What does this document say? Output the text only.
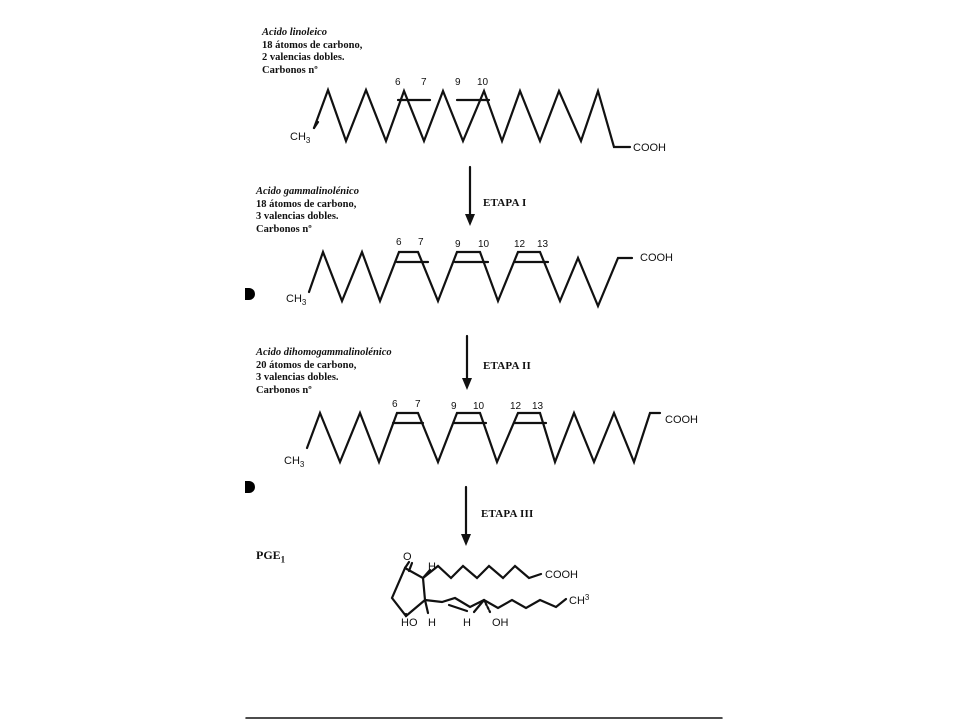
Acido linoleico
18 átomos de carbono,
2 valencias dobles.
Carbonos nº
Acido gammalinolénico
18 átomos de carbono,
3 valencias dobles.
Carbonos nº
Acido dihomogammalinolénico
20 átomos de carbono,
3 valencias dobles.
Carbonos nº
ETAPA I
ETAPA II
ETAPA III
$PGE_1$
6 7	9 10
$CH_3$
COOH
6 7	9 10 12 13
$CH_3$
COOH
6 7	9 10	12 13
$CH_3$
COOH
O
H
COOH
$CH^3$
HO H H OH
